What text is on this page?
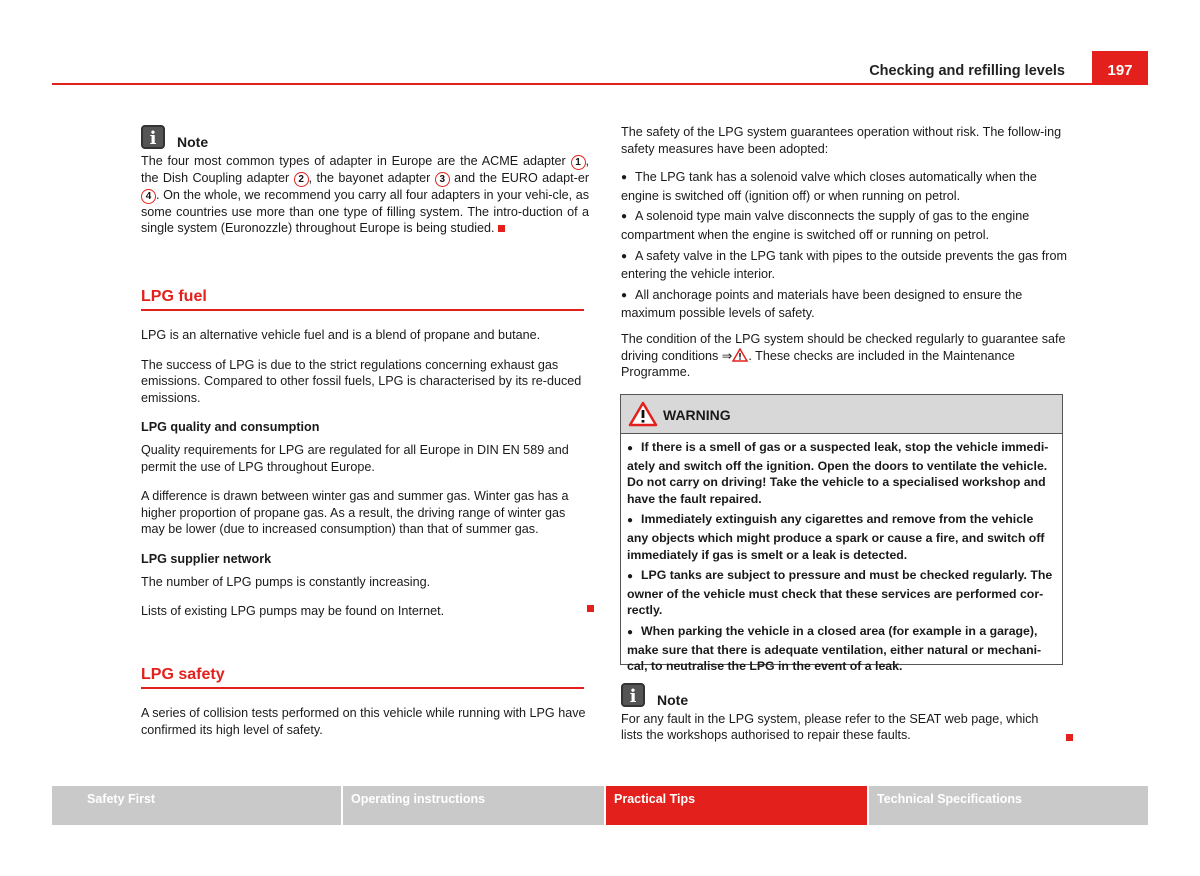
Checking and refilling levels	197
i	Note

The four most common types of adapter in Europe are the ACME adapter 1 , the Dish Coupling adapter 2 , the bayonet adapter 3 and the EURO adapt-er 4 . On the whole, we recommend you carry all four adapters in your vehi-cle, as some countries use more than one type of filling system. The intro-duction of a single system (Euronozzle) throughout Europe is being studied.

LPG fuel

LPG is an alternative vehicle fuel and is a blend of propane and butane.

The success of LPG is due to the strict regulations concerning exhaust gas emissions. Compared to other fossil fuels, LPG is characterised by its re-duced emissions.

LPG quality and consumption

Quality requirements for LPG are regulated for all Europe in DIN EN 589 and permit the use of LPG throughout Europe.

A difference is drawn between winter gas and summer gas. Winter gas has a higher proportion of propane gas. As a result, the driving range of winter gas may be lower (due to increased consumption) than that of summer gas.

LPG supplier network

The number of LPG pumps is constantly increasing.

Lists of existing LPG pumps may be found on Internet.

LPG safety

A series of collision tests performed on this vehicle while running with LPG have confirmed its high level of safety.

The safety of the LPG system guarantees operation without risk. The follow-ing safety measures have been adopted:

● The LPG tank has a solenoid valve which closes automatically when the engine is switched off (ignition off) or when running on petrol.
● A solenoid type main valve disconnects the supply of gas to the engine compartment when the engine is switched off or running on petrol.
● A safety valve in the LPG tank with pipes to the outside prevents the gas from entering the vehicle interior.
● All anchorage points and materials have been designed to ensure the maximum possible levels of safety.

The condition of the LPG system should be checked regularly to guarantee safe driving conditions ⇒ . These checks are included in the Maintenance Programme.

WARNING

● If there is a smell of gas or a suspected leak, stop the vehicle immedi-ately and switch off the ignition. Open the doors to ventilate the vehicle. Do not carry on driving! Take the vehicle to a specialised workshop and have the fault repaired.

● Immediately extinguish any cigarettes and remove from the vehicle any objects which might produce a spark or cause a fire, and switch off immediately if gas is smelt or a leak is detected.

● LPG tanks are subject to pressure and must be checked regularly. The owner of the vehicle must check that these services are performed cor-rectly.

● When parking the vehicle in a closed area (for example in a garage), make sure that there is adequate ventilation, either natural or mechani-cal, to neutralise the LPG in the event of a leak.

i	Note

For any fault in the LPG system, please refer to the SEAT web page, which lists the workshops authorised to repair these faults.

Safety First	Operating instructions	Practical Tips	Technical Specifications
